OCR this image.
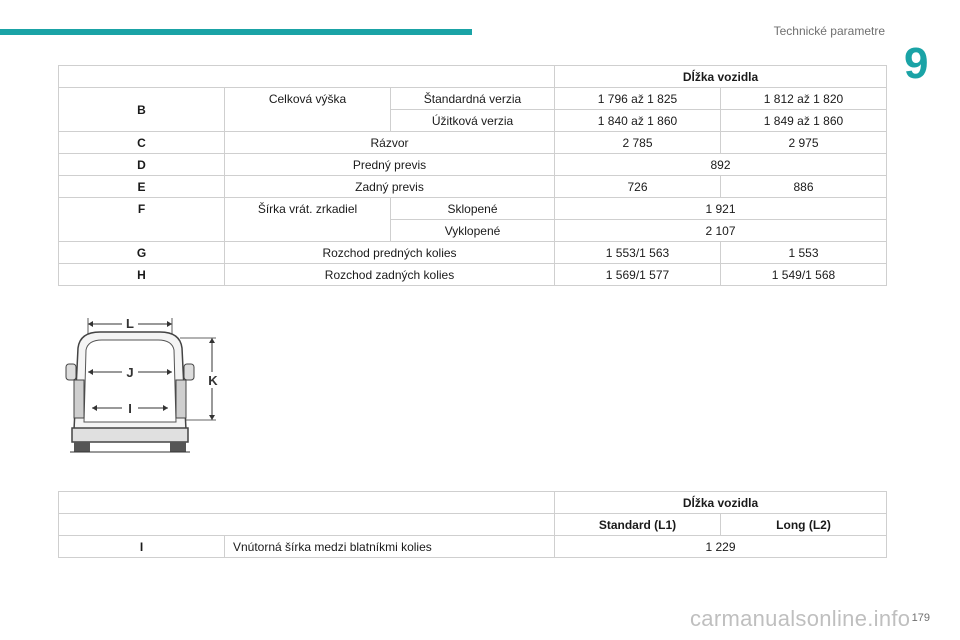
Technické parametre
9
			Dĺžka vozidla	
B	Celková výška	Štandardná verzia	1 796 až 1 825	1 812 až 1 820
		Úžitková verzia	1 840 až 1 860	1 849 až 1 860
C	Rázvor		2 785	2 975
D	Predný previs		892	
E	Zadný previs		726	886
F	Šírka vrát. zrkadiel	Sklopené	1 921	
		Vyklopené	2 107	
G	Rozchod predných kolies		1 553/1 563	1 553
H	Rozchod zadných kolies		1 569/1 577	1 549/1 568
L
J
I
K
		Dĺžka vozidla	
		Standard (L1)	Long (L2)
I	Vnútorná šírka medzi blatníkmi kolies	1 229	
carmanualsonline.info 179
